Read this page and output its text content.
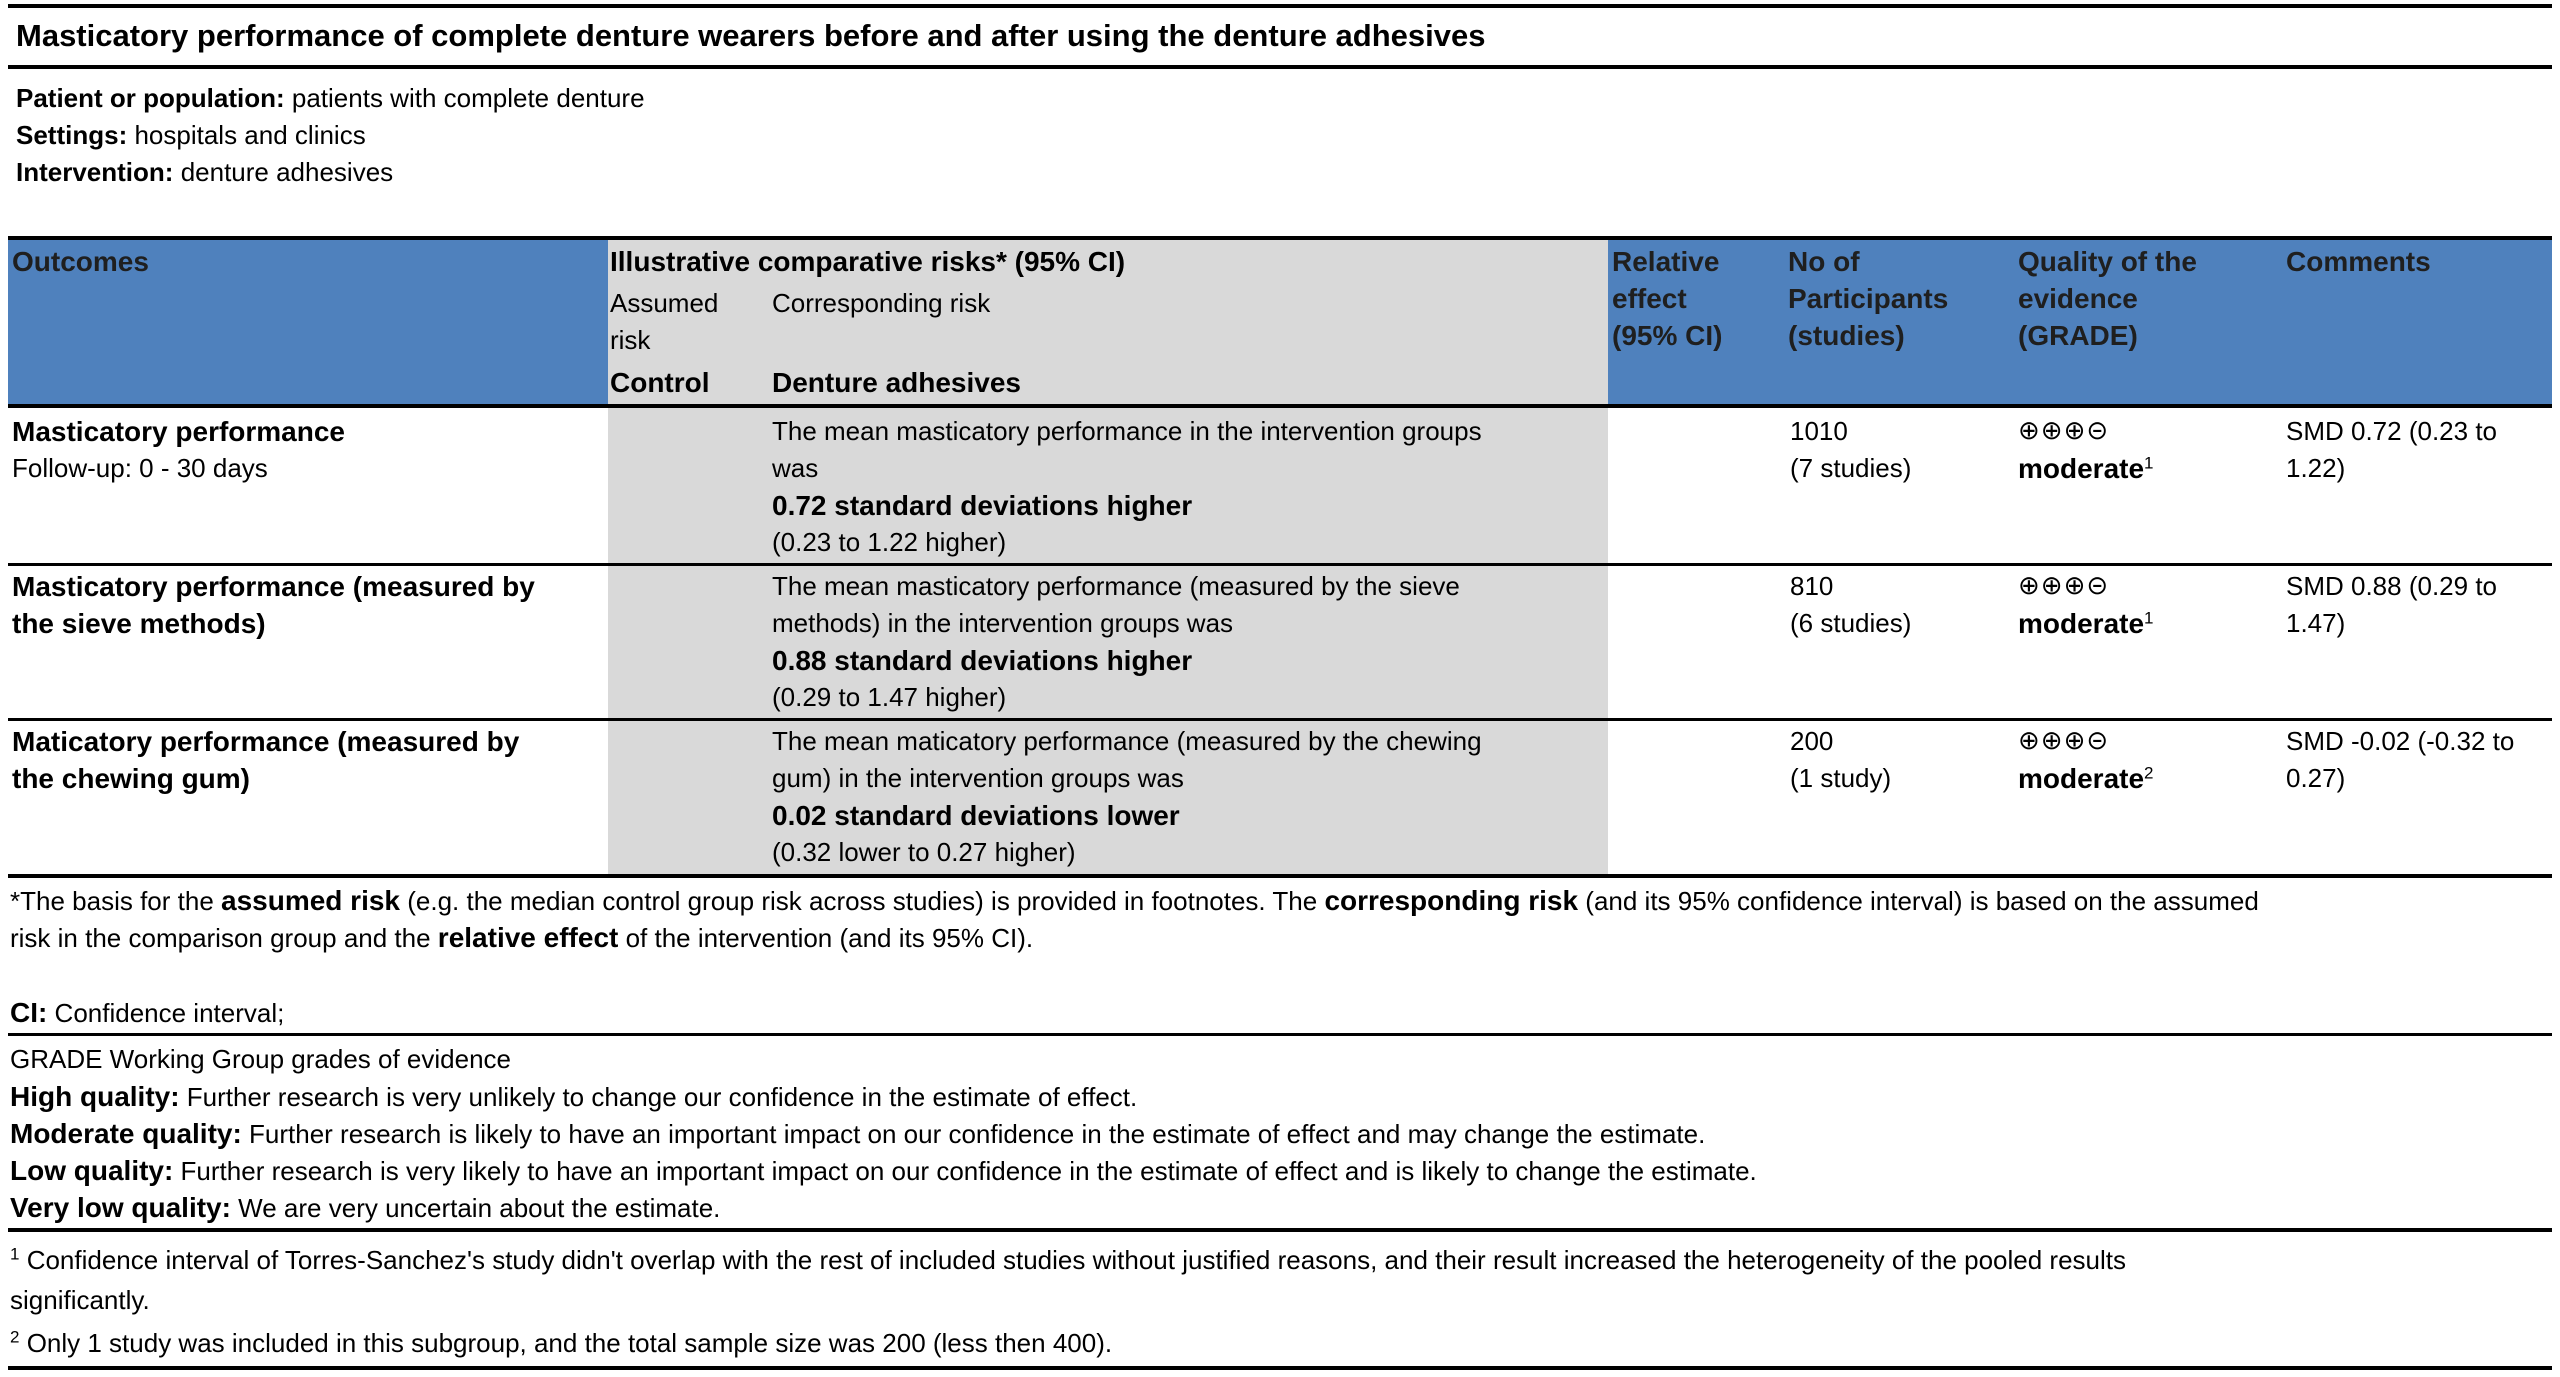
Masticatory performance of complete denture wearers before and after using the denture adhesives
Patient or population: patients with complete denture
Settings: hospitals and clinics
Intervention: denture adhesives
Outcomes	Illustrative comparative risks* (95% CI)
Assumed
risk
Corresponding risk
Control Denture adhesives
Relative
effect
(95% CI)
No of
Participants
(studies)
Quality of the
evidence
(GRADE)
Comments
Masticatory performance
Follow-up: 0 - 30 days
The mean masticatory performance in the intervention groups
was
0.72 standard deviations higher
(0.23 to 1.22 higher)
1010
(7 studies)
⊕⊕⊕⊝
moderate$^1$
SMD 0.72 (0.23 to
1.22)
Masticatory performance (measured by
the sieve methods)
The mean masticatory performance (measured by the sieve
methods) in the intervention groups was
0.88 standard deviations higher
(0.29 to 1.47 higher)
810
(6 studies)
⊕⊕⊕⊝
moderate$^1$
SMD 0.88 (0.29 to
1.47)
Maticatory performance (measured by
the chewing gum)
The mean maticatory performance (measured by the chewing
gum) in the intervention groups was
0.02 standard deviations lower
(0.32 lower to 0.27 higher)
200
(1 study)
⊕⊕⊕⊝
moderate$^2$
SMD -0.02 (-0.32 to
0.27)
*The basis for the assumed risk (e.g. the median control group risk across studies) is provided in footnotes. The corresponding risk (and its 95% confidence interval) is based on the assumed
risk in the comparison group and the relative effect of the intervention (and its 95% CI).
CI: Confidence interval;
GRADE Working Group grades of evidence
High quality: Further research is very unlikely to change our confidence in the estimate of effect.
Moderate quality: Further research is likely to have an important impact on our confidence in the estimate of effect and may change the estimate.
Low quality: Further research is very likely to have an important impact on our confidence in the estimate of effect and is likely to change the estimate.
Very low quality: We are very uncertain about the estimate.
$^1$ Confidence interval of Torres-Sanchez's study didn't overlap with the rest of included studies without justified reasons, and their result increased the heterogeneity of the pooled results
significantly.
$^2$ Only 1 study was included in this subgroup, and the total sample size was 200 (less then 400).
